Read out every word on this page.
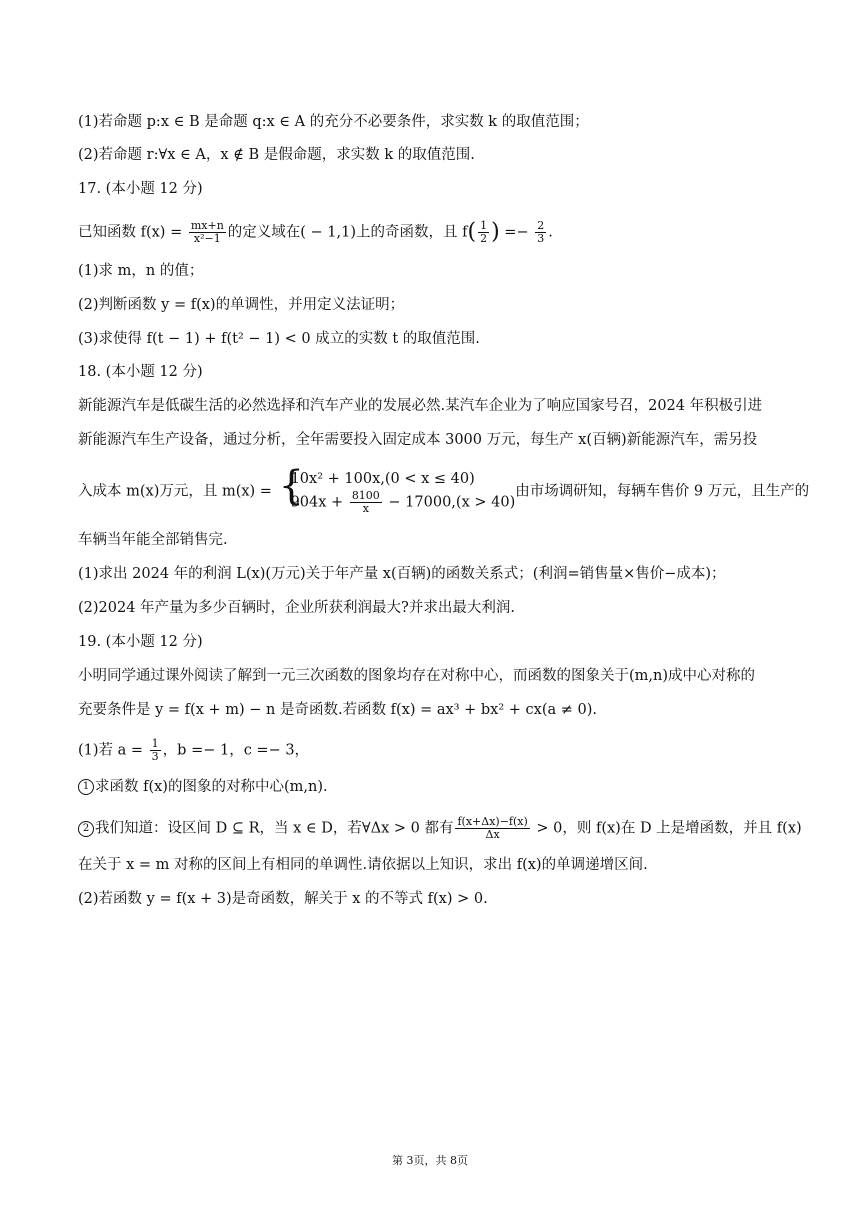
(1)若命题 p:x ∈ B 是命题 q:x ∈ A 的充分不必要条件，求实数 k 的取值范围；
(2)若命题 r:∀x ∈ A，x ∉ B 是假命题，求实数 k 的取值范围.
17. (本小题 12 分)
已知函数 $f(x) = \frac{mx+n}{\text{x²−1}}$ 的定义域在( − 1,1)上的奇函数，且 $f( \frac{1}{2}$ ) =− $\frac{2}{3}$ .
(1)求 m，n 的值；
(2)判断函数 y = f(x)的单调性，并用定义法证明；
(3)求使得 f(t − 1) + f(t² − 1) < 0 成立的实数 t 的取值范围.
18. (本小题 12 分)
新能源汽车是低碳生活的必然选择和汽车产业的发展必然.某汽车企业为了响应国家号召，2024 年积极引进
新能源汽车生产设备，通过分析，全年需要投入固定成本 3000 万元，每生产 x(百辆)新能源汽车，需另投
入成本 m(x)万元，且 m(x) = {
10x² + 100x,(0 < x ≤ 40)
$904x + \frac{8100}{x} - 17000,(x > 40)$
由市场调研知，每辆车售价 9 万元，且生产的
车辆当年能全部销售完.
(1)求出 2024 年的利润 L(x)(万元)关于年产量 x(百辆)的函数关系式；(利润=销售量×售价−成本)；
(2)2024 年产量为多少百辆时，企业所获利润最大?并求出最大利润.
19. (本小题 12 分)
小明同学通过课外阅读了解到一元三次函数的图象均存在对称中心，而函数的图象关于(m,n)成中心对称的
充要条件是 y = f(x + m) − n 是奇函数.若函数 f(x) = ax³ + bx² + cx(a ≠ 0).
(1)若 $a = \frac{1}{3}$ ，b =− 1，c =− 3，
1 求函数 f(x)的图象的对称中心(m,n).
2 我们知道：设区间 D ⊆ R，当 x ∈ D，若∀Δx > 0 都有 $\frac{f(x+\Delta x)-f(x)}{\Delta x} > 0$，则 f(x)在 D 上是增函数，并且 f(x)
在关于 x = m 对称的区间上有相同的单调性.请依据以上知识，求出 f(x)的单调递增区间.
(2)若函数 y = f(x + 3)是奇函数，解关于 x 的不等式 f(x) > 0.
第 3页，共 8页
